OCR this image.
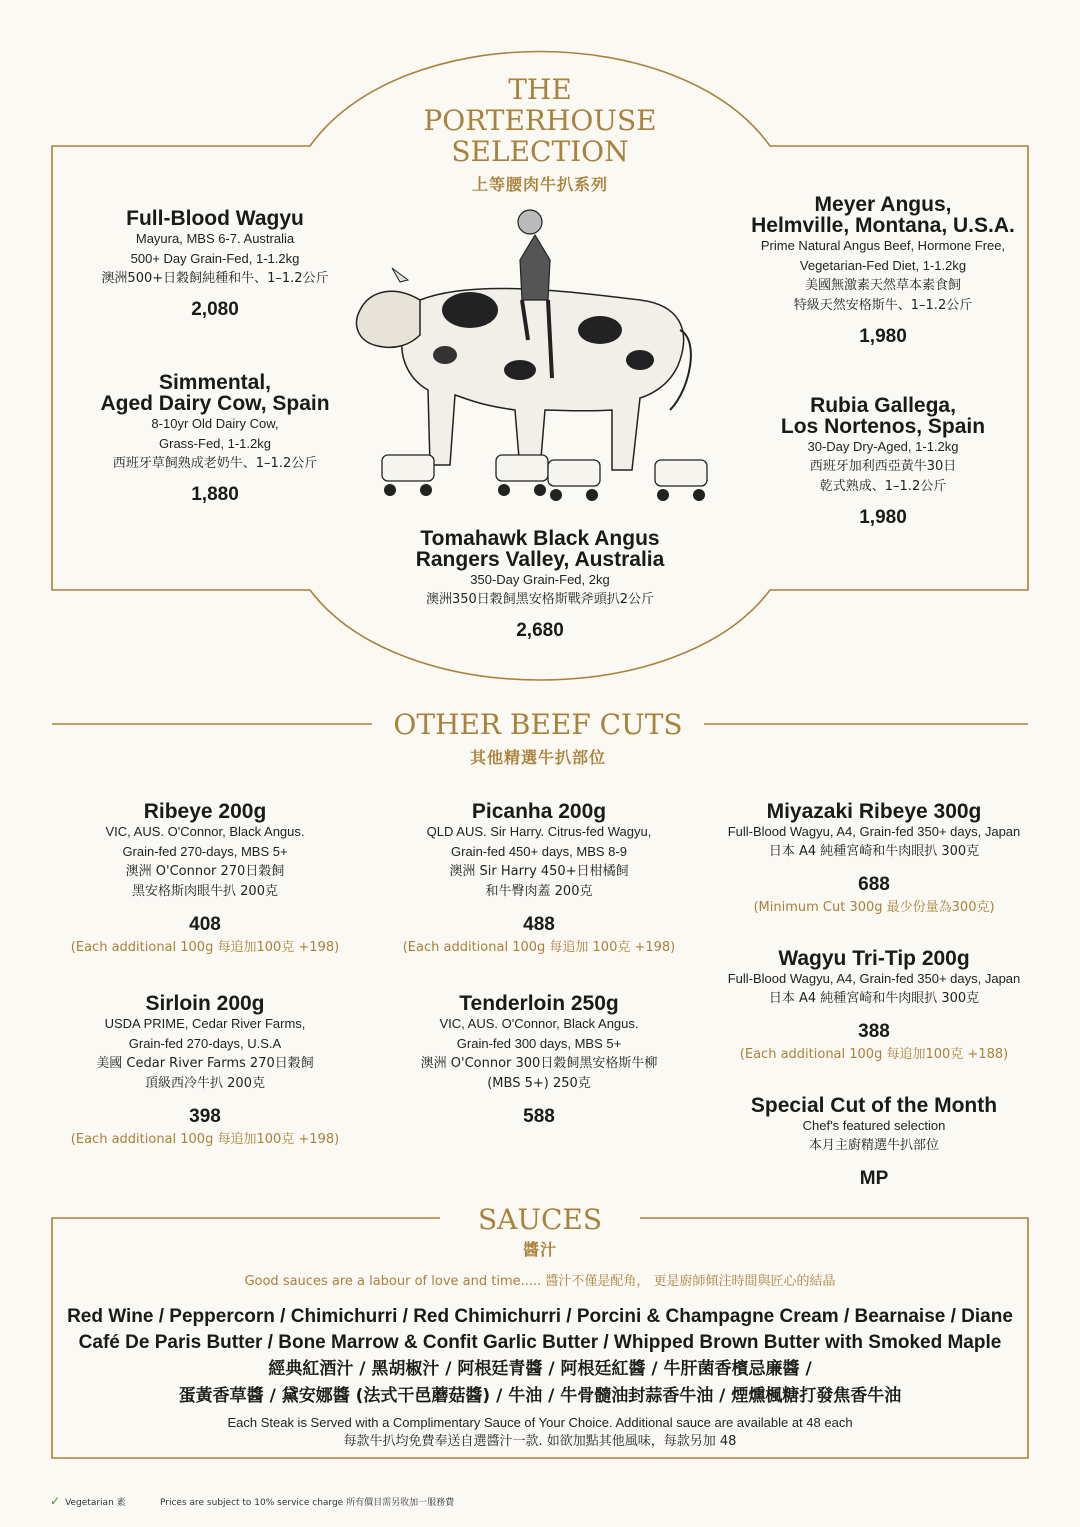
THE
PORTERHOUSE
SELECTION
上等腰肉牛扒系列
Full-Blood Wagyu
Mayura, MBS 6-7. Australia
500+ Day Grain-Fed, 1-1.2kg
澳洲500+日穀飼純種和牛、1–1.2公斤
2,080
Simmental,
Aged Dairy Cow, Spain
8-10yr Old Dairy Cow,
Grass-Fed, 1-1.2kg
西班牙草飼熟成老奶牛、1–1.2公斤
1,880
Tomahawk Black Angus
Rangers Valley, Australia
350-Day Grain-Fed, 2kg
澳洲350日穀飼黑安格斯戰斧頭扒2公斤
2,680
Meyer Angus,
Helmville, Montana, U.S.A.
Prime Natural Angus Beef, Hormone Free,
Vegetarian-Fed Diet, 1-1.2kg
美國無激素天然草本素食飼
特級天然安格斯牛、1–1.2公斤
1,980
Rubia Gallega,
Los Nortenos, Spain
30-Day Dry-Aged, 1-1.2kg
西班牙加利西亞黃牛30日
乾式熟成、1–1.2公斤
1,980
OTHER BEEF CUTS
其他精選牛扒部位
Ribeye 200g
VIC, AUS. O'Connor, Black Angus.
Grain-fed 270-days, MBS 5+
澳洲 O'Connor 270日穀飼
黑安格斯肉眼牛扒 200克
408
(Each additional 100g 每追加100克 +198)
Sirloin 200g
USDA PRIME, Cedar River Farms,
Grain-fed 270-days, U.S.A
美國 Cedar River Farms 270日穀飼
頂級西冷牛扒 200克
398
(Each additional 100g 每追加100克 +198)
Picanha 200g
QLD AUS. Sir Harry. Citrus-fed Wagyu,
Grain-fed 450+ days, MBS 8-9
澳洲 Sir Harry 450+日柑橘飼
和牛臀肉蓋 200克
488
(Each additional 100g 每追加 100克 +198)
Tenderloin 250g
VIC, AUS. O'Connor, Black Angus.
Grain-fed 300 days, MBS 5+
澳洲 O'Connor 300日穀飼黑安格斯牛柳
(MBS 5+) 250克
588
Miyazaki Ribeye 300g
Full-Blood Wagyu, A4, Grain-fed 350+ days, Japan
日本 A4 純種宮崎和牛肉眼扒 300克
688
(Minimum Cut 300g 最少份量為300克)
Wagyu Tri-Tip 200g
Full-Blood Wagyu, A4, Grain-fed 350+ days, Japan
日本 A4 純種宮崎和牛肉眼扒 300克
388
(Each additional 100g 每追加100克 +188)
Special Cut of the Month
Chef's featured selection
本月主廚精選牛扒部位
MP
SAUCES
醬汁
Good sauces are a labour of love and time..... 醬汁不僅是配角， 更是廚師傾注時間與匠心的結晶
Red Wine / Peppercorn / Chimichurri / Red Chimichurri / Porcini & Champagne Cream / Bearnaise / Diane
Café De Paris Butter / Bone Marrow & Confit Garlic Butter / Whipped Brown Butter with Smoked Maple
經典紅酒汁 / 黑胡椒汁 / 阿根廷青醬 / 阿根廷紅醬 / 牛肝菌香檳忌廉醬 /
蛋黃香草醬 / 黛安娜醬 (法式干邑蘑菇醬) / 牛油 / 牛骨髓油封蒜香牛油 / 煙燻楓糖打發焦香牛油
Each Steak is Served with a Complimentary Sauce of Your Choice. Additional sauce are available at 48 each
每款牛扒均免費奉送自選醬汁一款. 如欲加點其他風味，每款另加 48
✓ Vegetarian 素	Prices are subject to 10% service charge 所有價目需另收加一服務費
